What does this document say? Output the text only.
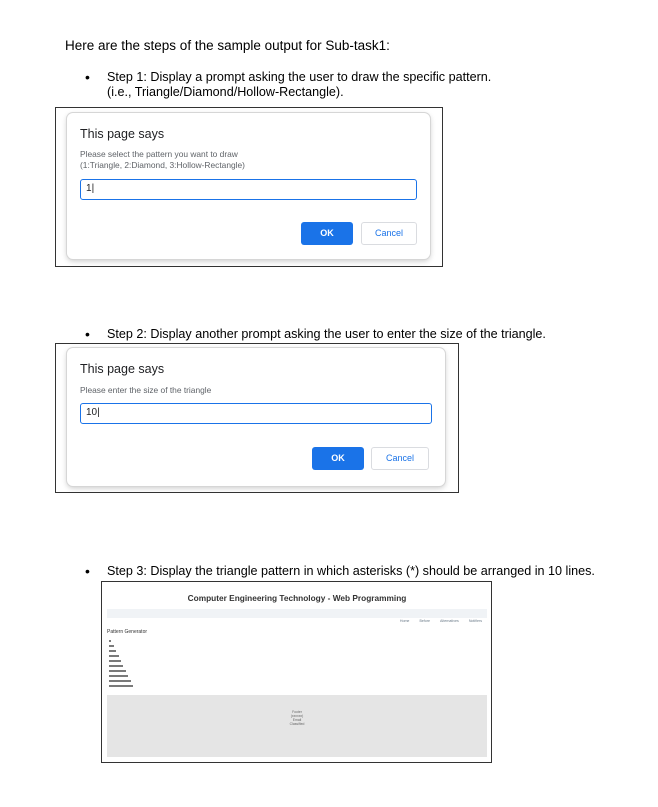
Here are the steps of the sample output for Sub-task1:
• Step 1: Display a prompt asking the user to draw the specific pattern.
(i.e., Triangle/Diamond/Hollow-Rectangle).
This page says
Please select the pattern you want to draw
(1:Triangle, 2:Diamond, 3:Hollow-Rectangle)
1|
OK	Cancel
• Step 2: Display another prompt asking the user to enter the size of the triangle.
This page says
Please enter the size of the triangle
10|
OK	Cancel
• Step 3: Display the triangle pattern in which asterisks (*) should be arranged in 10 lines.
Computer Engineering Technology - Web Programming
Home	Before	Alternatives	Notifiers
Pattern Generator
Footer
(xxxxxx)
Email
Classified
